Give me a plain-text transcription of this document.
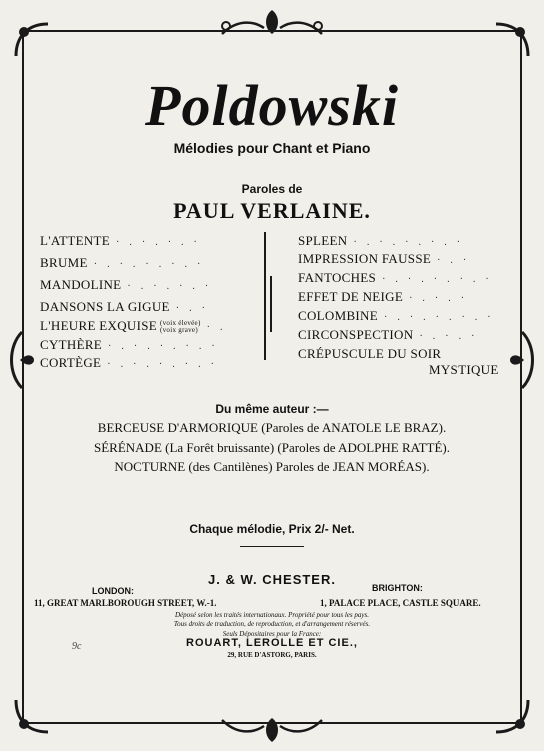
Poldowski
Mélodies pour Chant et Piano
Paroles de
PAUL VERLAINE.
L'ATTENTE ·.·.·.·
BRUME ·.·.·.·.·
MANDOLINE ·.·.·.·
DANSONS LA GIGUE ·.·
L'HEURE EXQUISE (voix élevée)
(voix grave) ·.
CYTHÈRE ·.·.·.·.·
CORTÈGE ·.·.·.·.·
SPLEEN ·.·.·.·.·
IMPRESSION FAUSSE ·.·
FANTOCHES ·.·.·.·.·
EFFET DE NEIGE ·.·.·
COLOMBINE ·.·.·.·.·
CIRCONSPECTION ·.·.·
CRÉPUSCULE DU SOIR
MYSTIQUE
Du même auteur :—
BERCEUSE D'ARMORIQUE (Paroles de ANATOLE LE BRAZ).
SÉRÉNADE (La Forêt bruissante) (Paroles de ADOLPHE RATTÉ).
NOCTURNE (des Cantilènes) Paroles de JEAN MORÉAS).
Chaque mélodie, Prix 2/- Net.
J. & W. CHESTER.
LONDON:	BRIGHTON:
11, GREAT MARLBOROUGH STREET, W.-1.	1, PALACE PLACE, CASTLE SQUARE.
Déposé selon les traités internationaux. Propriété pour tous les pays.
Tous droits de traduction, de reproduction, et d'arrangement réservés.
Seuls Dépositaires pour la France:
ROUART, LEROLLE ET CIE.,
29, RUE D'ASTORG, PARIS.
9c
